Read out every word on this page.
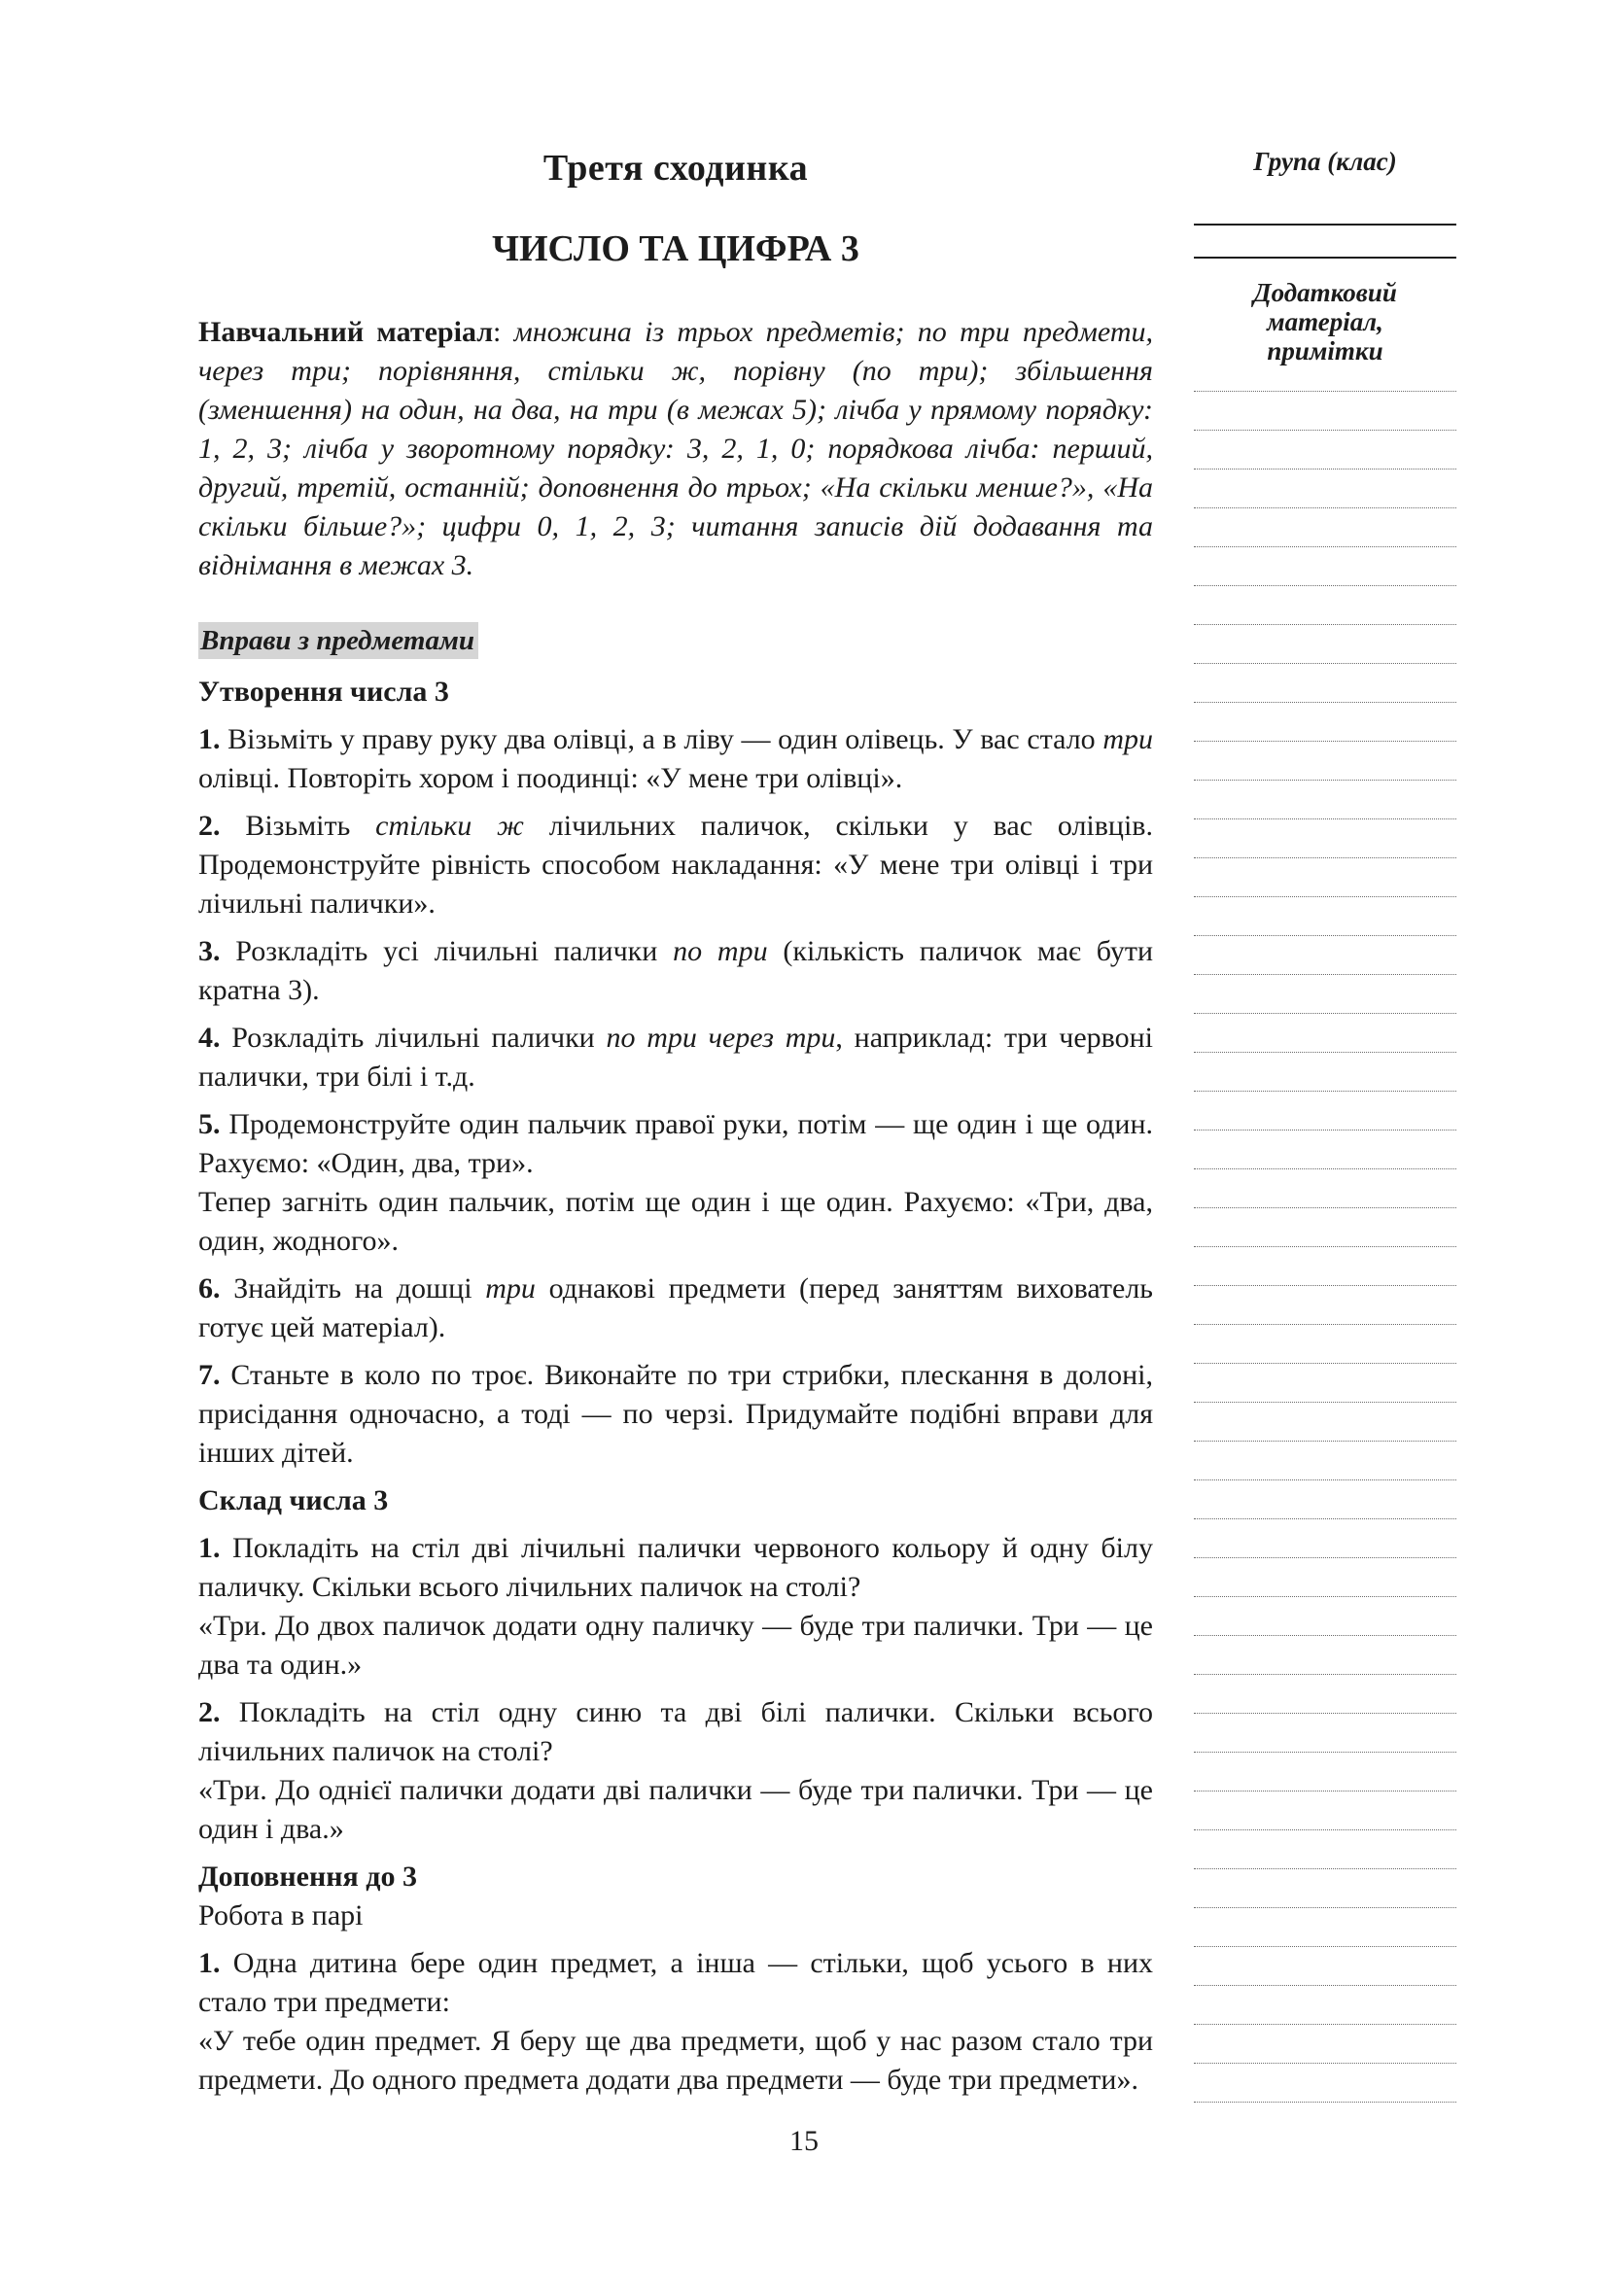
Третя сходинка
ЧИСЛО ТА ЦИФРА 3

Навчальний матеріал: множина із трьох предметів; по три предмети, через три; порівняння, стільки ж, порівну (по три); збільшення (зменшення) на один, на два, на три (в межах 5); лічба у прямому порядку: 1, 2, 3; лічба у зворотному порядку: 3, 2, 1, 0; порядкова лічба: перший, другий, третій, останній; доповнення до трьох; «На скільки менше?», «На скільки більше?»; цифри 0, 1, 2, 3; читання записів дій додавання та віднімання в межах 3.

Вправи з предметами
Утворення числа 3

1. Візьміть у праву руку два олівці, а в ліву — один олівець. У вас стало три олівці. Повторіть хором і поодинці: «У мене три олівці».

2. Візьміть стільки ж лічильних паличок, скільки у вас олівців. Продемонструйте рівність способом накладання: «У мене три олівці і три лічильні палички».

3. Розкладіть усі лічильні палички по три (кількість паличок має бути кратна 3).

4. Розкладіть лічильні палички по три через три, наприклад: три червоні палички, три білі і т.д.

5. Продемонструйте один пальчик правої руки, потім — ще один і ще один. Рахуємо: «Один, два, три».

Тепер загніть один пальчик, потім ще один і ще один. Рахуємо: «Три, два, один, жодного».

6. Знайдіть на дошці три однакові предмети (перед заняттям вихователь готує цей матеріал).

7. Станьте в коло по троє. Виконайте по три стрибки, плескання в долоні, присідання одночасно, а тоді — по черзі. Придумайте подібні вправи для інших дітей.

Склад числа 3

1. Покладіть на стіл дві лічильні палички червоного кольору й одну білу паличку. Скільки всього лічильних паличок на столі?

«Три. До двох паличок додати одну паличку — буде три палички. Три — це два та один.»

2. Покладіть на стіл одну синю та дві білі палички. Скільки всього лічильних паличок на столі?

«Три. До однієї палички додати дві палички — буде три палички. Три — це один і два.»

Доповнення до 3

Робота в парі

1. Одна дитина бере один предмет, а інша — стільки, щоб усього в них стало три предмети:

«У тебе один предмет. Я беру ще два предмети, щоб у нас разом стало три предмети. До одного предмета додати два предмети — буде три предмети».

Група (клас)
Додатковий
матеріал,
примітки
15
